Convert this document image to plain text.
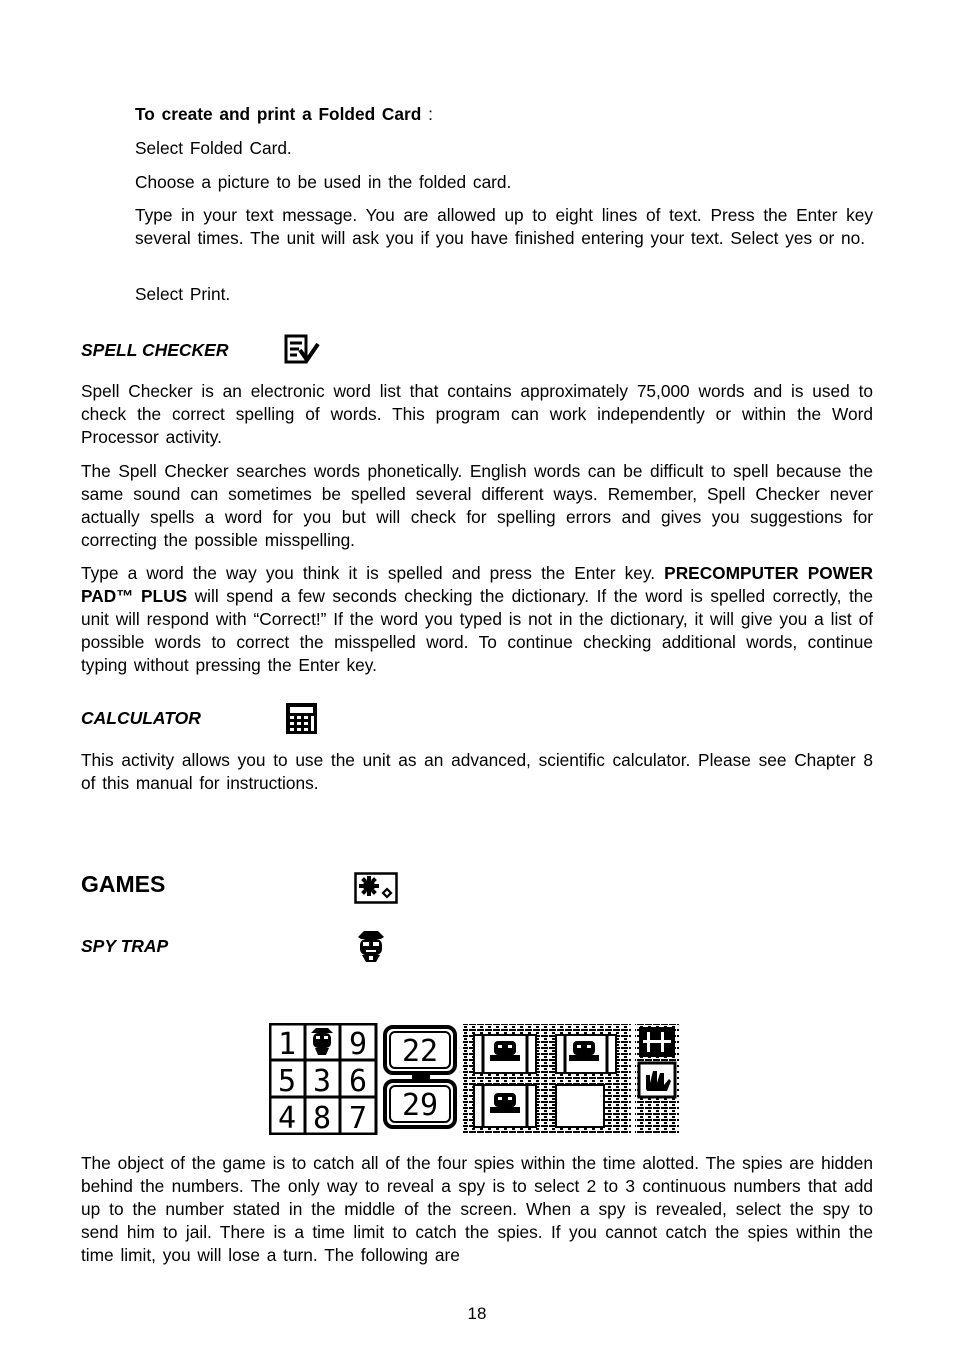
To create and print a Folded Card :

Select Folded Card.

Choose a picture to be used in the folded card.

Type in your text message. You are allowed up to eight lines of text. Press the Enter key several times. The unit will ask you if you have finished entering your text. Select yes or no.

Select Print.

SPELL CHECKER

Spell Checker is an electronic word list that contains approximately 75,000 words and is used to check the correct spelling of words. This program can work independently or within the Word Processor activity.

The Spell Checker searches words phonetically. English words can be difficult to spell because the same sound can sometimes be spelled several different ways. Remember, Spell Checker never actually spells a word for you but will check for spelling errors and gives you suggestions for correcting the possible misspelling.

Type a word the way you think it is spelled and press the Enter key. PRECOMPUTER POWER PAD™ PLUS will spend a few seconds checking the dictionary. If the word is spelled correctly, the unit will respond with “Correct!” If the word you typed is not in the dictionary, it will give you a list of possible words to correct the misspelled word. To continue checking additional words, continue typing without pressing the Enter key.

CALCULATOR

This activity allows you to use the unit as an advanced, scientific calculator. Please see Chapter 8 of this manual for instructions.

GAMES

SPY TRAP

1 9
5 3 6
4 8 7
22
29

The object of the game is to catch all of the four spies within the time alotted. The spies are hidden behind the numbers. The only way to reveal a spy is to select 2 to 3 continuous numbers that add up to the number stated in the middle of the screen. When a spy is revealed, select the spy to send him to jail. There is a time limit to catch the spies. If you cannot catch the spies within the time limit, you will lose a turn. The following are

18
